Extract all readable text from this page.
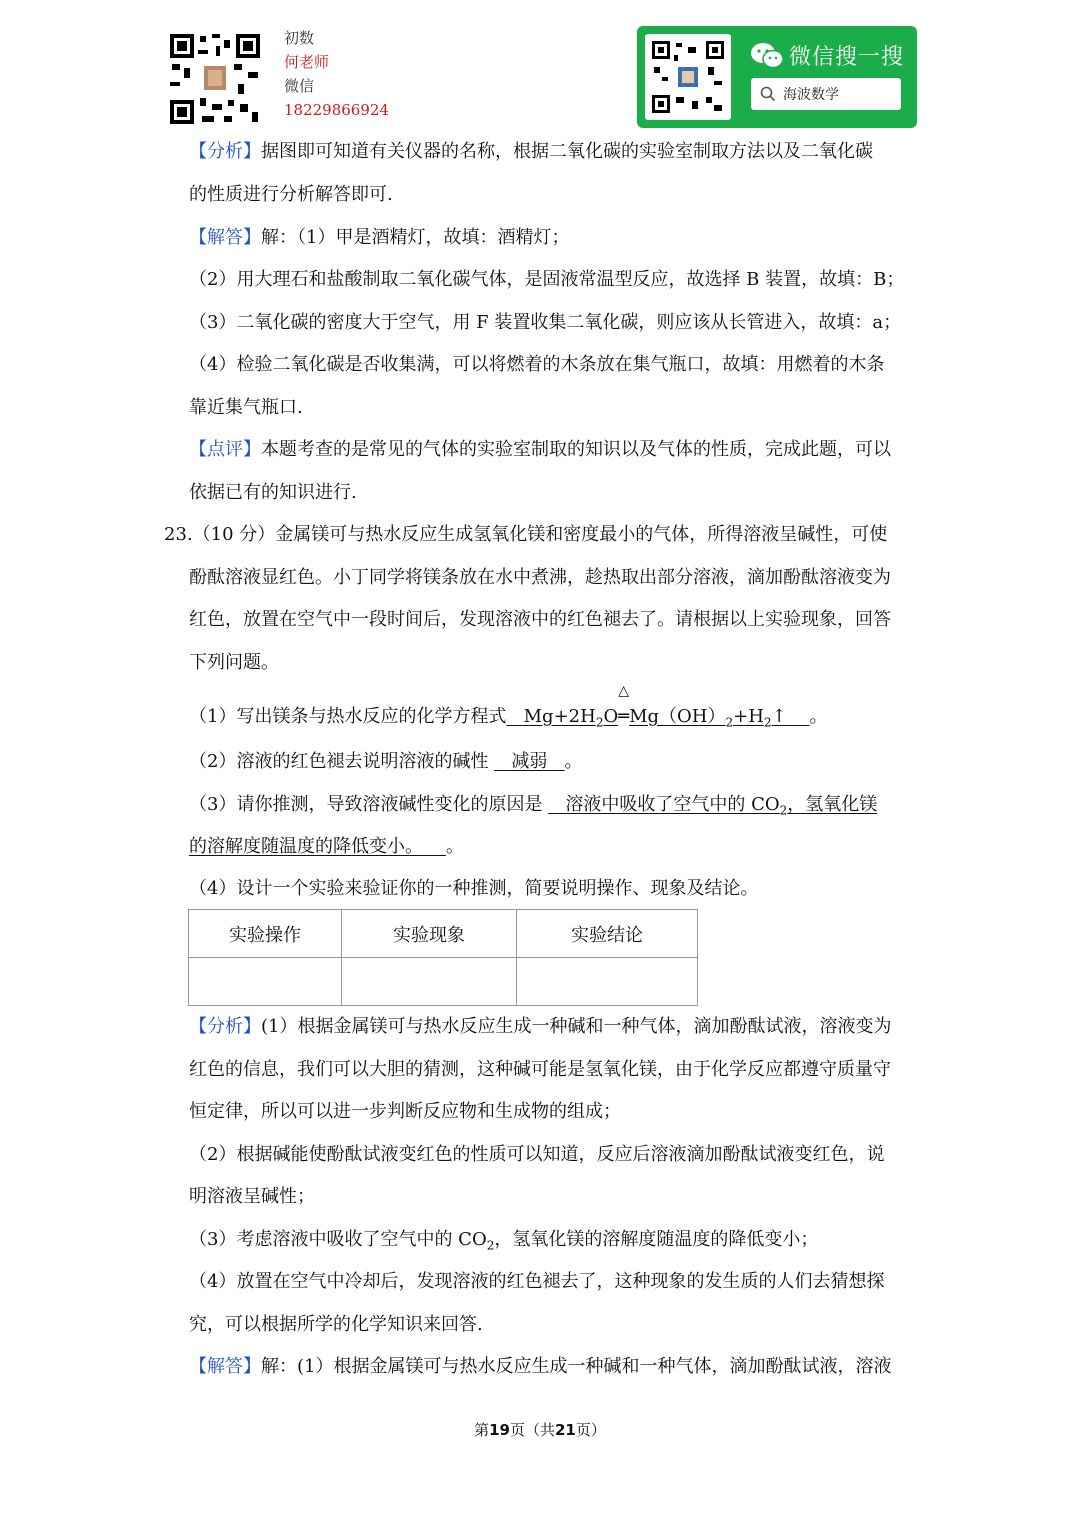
初数
何老师
微信
18229866924
微信搜一搜
海波数学
【分析】据图即可知道有关仪器的名称，根据二氧化碳的实验室制取方法以及二氧化碳
的性质进行分析解答即可.
【解答】解：（1）甲是酒精灯，故填：酒精灯；
（2）用大理石和盐酸制取二氧化碳气体，是固液常温型反应，故选择 B 装置，故填：B；
（3）二氧化碳的密度大于空气，用 F 装置收集二氧化碳，则应该从长管进入，故填：a；
（4）检验二氧化碳是否收集满，可以将燃着的木条放在集气瓶口，故填：用燃着的木条
靠近集气瓶口.
【点评】本题考查的是常见的气体的实验室制取的知识以及气体的性质，完成此题，可以
依据已有的知识进行.
23.（10 分）金属镁可与热水反应生成氢氧化镁和密度最小的气体，所得溶液呈碱性，可使
酚酞溶液显红色。小丁同学将镁条放在水中煮沸，趁热取出部分溶液，滴加酚酞溶液变为
红色，放置在空气中一段时间后，发现溶液中的红色褪去了。请根据以上实验现象，回答
下列问题。
（1）写出镁条与热水反应的化学方程式 $Mg+2H_2O$
△
$═Mg(OH)_2+H_2↑$ 。
（2）溶液的红色褪去说明溶液的碱性 减弱 。
（3）请你推测，导致溶液碱性变化的原因是 溶液中吸收了空气中的 $CO_2$，氢氧化镁
的溶解度随温度的降低变小。 。
（4）设计一个实验来验证你的一种推测，简要说明操作、现象及结论。
实验操作	实验现象	实验结论

【分析】(1）根据金属镁可与热水反应生成一种碱和一种气体，滴加酚酞试液，溶液变为
红色的信息，我们可以大胆的猜测，这种碱可能是氢氧化镁，由于化学反应都遵守质量守
恒定律，所以可以进一步判断反应物和生成物的组成；
（2）根据碱能使酚酞试液变红色的性质可以知道，反应后溶液滴加酚酞试液变红色，说
明溶液呈碱性；
（3）考虑溶液中吸收了空气中的 $CO_2$，氢氧化镁的溶解度随温度的降低变小；
（4）放置在空气中冷却后，发现溶液的红色褪去了，这种现象的发生质的人们去猜想探
究，可以根据所学的化学知识来回答.
【解答】解：(1）根据金属镁可与热水反应生成一种碱和一种气体，滴加酚酞试液，溶液
第19页（共21页）
